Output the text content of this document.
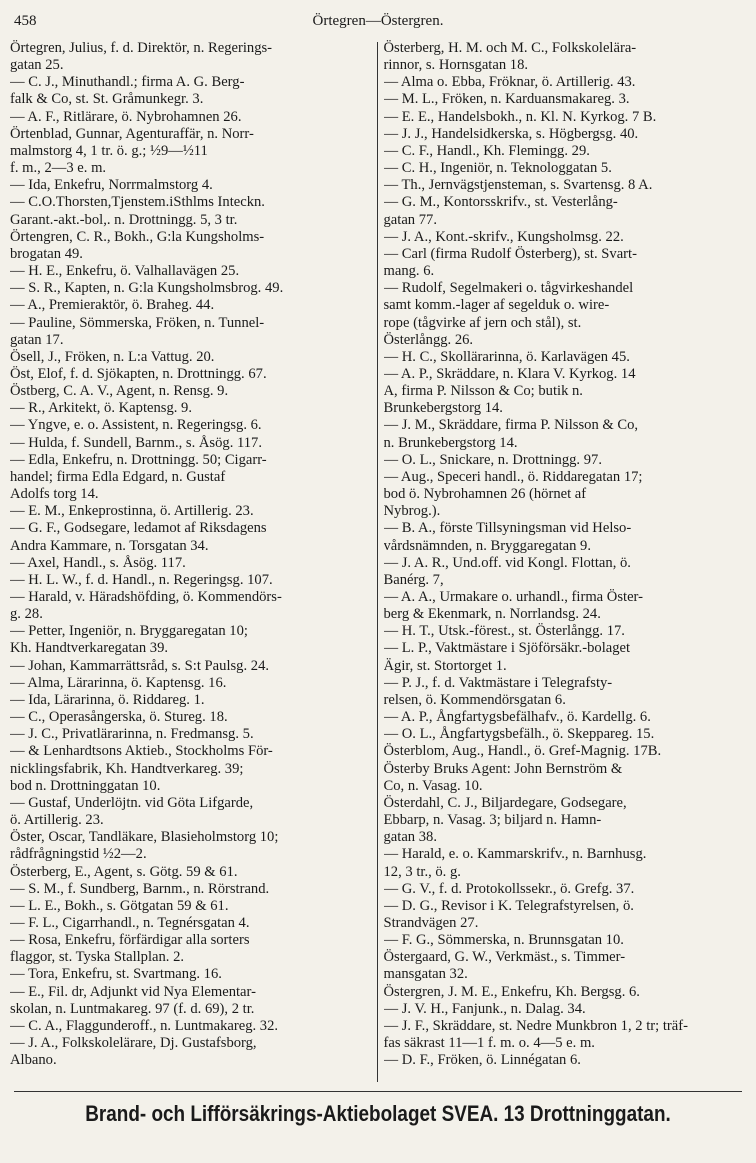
458	Örtegren—Östergren.
Örtegren, Julius, f. d. Direktör, n. Regerings-
gatan 25.
— C. J., Minuthandl.; firma A. G. Berg-
falk & Co, st. St. Gråmunkegr. 3.
— A. F., Ritlärare, ö. Nybrohamnen 26.
Örtenblad, Gunnar, Agenturaffär, n. Norr-
malmstorg 4, 1 tr. ö. g.; ½9—½11
f. m., 2—3 e. m.
— Ida, Enkefru, Norrmalmstorg 4.
— C.O.Thorsten,Tjenstem.iSthlms Inteckn.
Garant.-akt.-bol,. n. Drottningg. 5, 3 tr.
Örtengren, C. R., Bokh., G:la Kungsholms-
brogatan 49.
— H. E., Enkefru, ö. Valhallavägen 25.
— S. R., Kapten, n. G:la Kungsholmsbrog. 49.
— A., Premieraktör, ö. Braheg. 44.
— Pauline, Sömmerska, Fröken, n. Tunnel-
gatan 17.
Ösell, J., Fröken, n. L:a Vattug. 20.
Öst, Elof, f. d. Sjökapten, n. Drottningg. 67.
Östberg, C. A. V., Agent, n. Rensg. 9.
— R., Arkitekt, ö. Kaptensg. 9.
— Yngve, e. o. Assistent, n. Regeringsg. 6.
— Hulda, f. Sundell, Barnm., s. Åsög. 117.
— Edla, Enkefru, n. Drottningg. 50; Cigarr-
handel; firma Edla Edgard, n. Gustaf
Adolfs torg 14.
— E. M., Enkeprostinna, ö. Artillerig. 23.
— G. F., Godsegare, ledamot af Riksdagens
Andra Kammare, n. Torsgatan 34.
— Axel, Handl., s. Åsög. 117.
— H. L. W., f. d. Handl., n. Regeringsg. 107.
— Harald, v. Häradshöfding, ö. Kommendörs-
g. 28.
— Petter, Ingeniör, n. Bryggaregatan 10;
Kh. Handtverkaregatan 39.
— Johan, Kammarrättsråd, s. S:t Paulsg. 24.
— Alma, Lärarinna, ö. Kaptensg. 16.
— Ida, Lärarinna, ö. Riddareg. 1.
— C., Operasångerska, ö. Stureg. 18.
— J. C., Privatlärarinna, n. Fredmansg. 5.
— & Lenhardtsons Aktieb., Stockholms För-
nicklingsfabrik, Kh. Handtverkareg. 39;
bod n. Drottninggatan 10.
— Gustaf, Underlöjtn. vid Göta Lifgarde,
ö. Artillerig. 23.
Öster, Oscar, Tandläkare, Blasieholmstorg 10;
rådfrågningstid ½2—2.
Österberg, E., Agent, s. Götg. 59 & 61.
— S. M., f. Sundberg, Barnm., n. Rörstrand.
— L. E., Bokh., s. Götgatan 59 & 61.
— F. L., Cigarrhandl., n. Tegnérsgatan 4.
— Rosa, Enkefru, förfärdigar alla sorters
flaggor, st. Tyska Stallplan. 2.
— Tora, Enkefru, st. Svartmang. 16.
— E., Fil. dr, Adjunkt vid Nya Elementar-
skolan, n. Luntmakareg. 97 (f. d. 69), 2 tr.
— C. A., Flaggunderoff., n. Luntmakareg. 32.
— J. A., Folkskolelärare, Dj. Gustafsborg,
Albano.
Österberg, H. M. och M. C., Folkskolelära-
rinnor, s. Hornsgatan 18.
— Alma o. Ebba, Fröknar, ö. Artillerig. 43.
— M. L., Fröken, n. Karduansmakareg. 3.
— E. E., Handelsbokh., n. Kl. N. Kyrkog. 7 B.
— J. J., Handelsidkerska, s. Högbergsg. 40.
— C. F., Handl., Kh. Flemingg. 29.
— C. H., Ingeniör, n. Teknologgatan 5.
— Th., Jernvägstjensteman, s. Svartensg. 8 A.
— G. M., Kontorsskrifv., st. Vesterlång-
gatan 77.
— J. A., Kont.-skrifv., Kungsholmsg. 22.
— Carl (firma Rudolf Österberg), st. Svart-
mang. 6.
— Rudolf, Segelmakeri o. tågvirkeshandel
samt komm.-lager af segelduk o. wire-
rope (tågvirke af jern och stål), st.
Österlångg. 26.
— H. C., Skollärarinna, ö. Karlavägen 45.
— A. P., Skräddare, n. Klara V. Kyrkog. 14
A, firma P. Nilsson & Co; butik n.
Brunkebergstorg 14.
— J. M., Skräddare, firma P. Nilsson & Co,
n. Brunkebergstorg 14.
— O. L., Snickare, n. Drottningg. 97.
— Aug., Speceri handl., ö. Riddaregatan 17;
bod ö. Nybrohamnen 26 (hörnet af
Nybrog.).
— B. A., förste Tillsyningsman vid Helso-
vårdsnämnden, n. Bryggaregatan 9.
— J. A. R., Und.off. vid Kongl. Flottan, ö.
Banérg. 7,
— A. A., Urmakare o. urhandl., firma Öster-
berg & Ekenmark, n. Norrlandsg. 24.
— H. T., Utsk.-förest., st. Österlångg. 17.
— L. P., Vaktmästare i Sjöförsäkr.-bolaget
Ägir, st. Stortorget 1.
— P. J., f. d. Vaktmästare i Telegrafsty-
relsen, ö. Kommendörsgatan 6.
— A. P., Ångfartygsbefälhafv., ö. Kardellg. 6.
— O. L., Ångfartygsbefälh., ö. Skeppareg. 15.
Österblom, Aug., Handl., ö. Gref-Magnig. 17B.
Österby Bruks Agent: John Bernström &
Co, n. Vasag. 10.
Österdahl, C. J., Biljardegare, Godsegare,
Ebbarp, n. Vasag. 3; biljard n. Hamn-
gatan 38.
— Harald, e. o. Kammarskrifv., n. Barnhusg.
12, 3 tr., ö. g.
— G. V., f. d. Protokollssekr., ö. Grefg. 37.
— D. G., Revisor i K. Telegrafstyrelsen, ö.
Strandvägen 27.
— F. G., Sömmerska, n. Brunnsgatan 10.
Östergaard, G. W., Verkmäst., s. Timmer-
mansgatan 32.
Östergren, J. M. E., Enkefru, Kh. Bergsg. 6.
— J. V. H., Fanjunk., n. Dalag. 34.
— J. F., Skräddare, st. Nedre Munkbron 1, 2 tr; träf-
fas säkrast 11—1 f. m. o. 4—5 e. m.
— D. F., Fröken, ö. Linnégatan 6.
Brand- och Lifförsäkrings-Aktiebolaget SVEA. 13 Drottninggatan.
